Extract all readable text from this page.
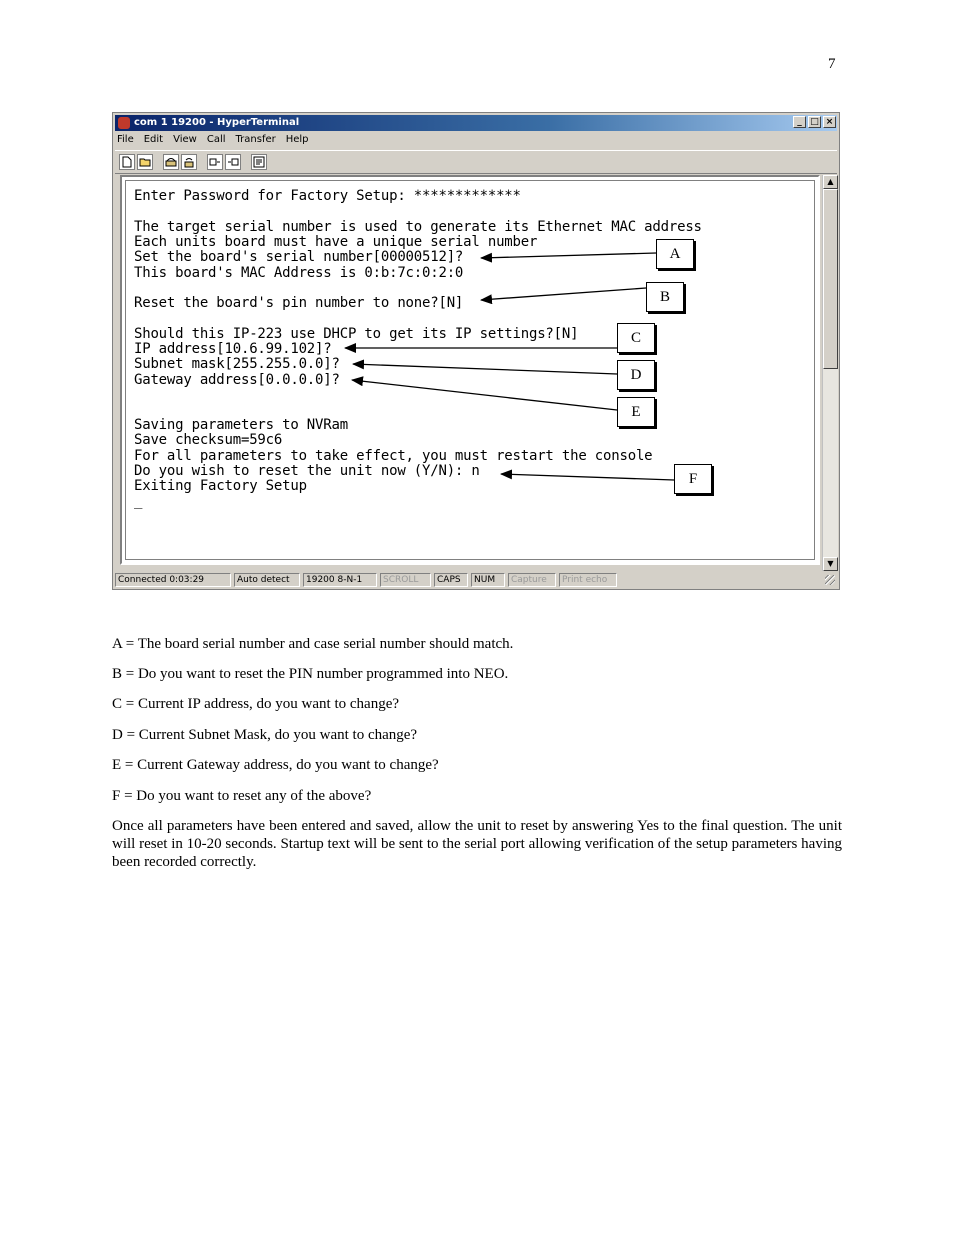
7
com 1 19200 - HyperTerminal	_ □ ×
File Edit View Call Transfer Help
Enter Password for Factory Setup: *************
The target serial number is used to generate its Ethernet MAC address
Each units board must have a unique serial number
Set the board's serial number[00000512]?
This board's MAC Address is 0:b:7c:0:2:0
Reset the board's pin number to none?[N]
Should this IP-223 use DHCP to get its IP settings?[N]
IP address[10.6.99.102]?
Subnet mask[255.255.0.0]?
Gateway address[0.0.0.0]?
Saving parameters to NVRam
Save checksum=59c6
For all parameters to take effect, you must restart the console
Do you wish to reset the unit now (Y/N): n
Exiting Factory Setup
_
▲
▼
Connected 0:03:29	Auto detect	19200 8-N-1	SCROLL	CAPS	NUM	Capture	Print echo
A
B
C
D
E
F
A = The board serial number and case serial number should match.
B = Do you want to reset the PIN number programmed into NEO.
C = Current IP address, do you want to change?
D = Current Subnet Mask, do you want to change?
E = Current Gateway address, do you want to change?
F = Do you want to reset any of the above?
Once all parameters have been entered and saved, allow the unit to reset by answering Yes to the final question. The unit will reset in 10-20 seconds. Startup text will be sent to the serial port allowing verification of the setup parameters having been recorded correctly.
